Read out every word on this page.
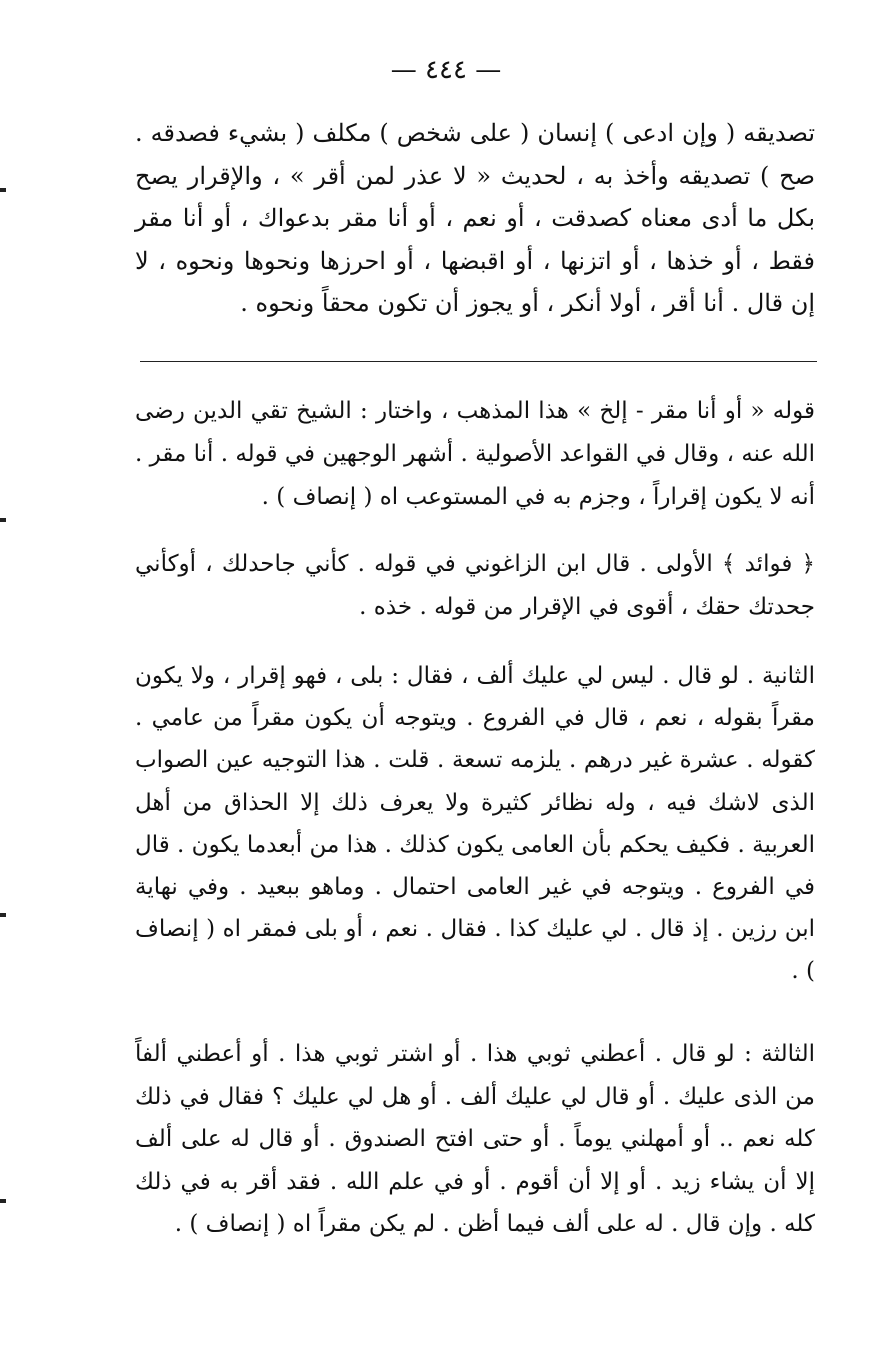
— ٤٤٤ —

تصديقه ( وإن ادعى ) إنسان ( على شخص ) مكلف ( بشيء فصدقه . صح ) تصديقه وأخذ به ، لحديث « لا عذر لمن أقر » ، والإقرار يصح بكل ما أدى معناه كصدقت ، أو نعم ، أو أنا مقر بدعواك ، أو أنا مقر فقط ، أو خذها ، أو اتزنها ، أو اقبضها ، أو احرزها ونحوها ونحوه ، لا إن قال . أنا أقر ، أولا أنكر ، أو يجوز أن تكون محقاً ونحوه .

قوله « أو أنا مقر - إلخ » هذا المذهب ، واختار : الشيخ تقي الدين رضى الله عنه ، وقال في القواعد الأصولية . أشهر الوجهين في قوله . أنا مقر . أنه لا يكون إقراراً ، وجزم به في المستوعب اه ( إنصاف ) .

﴿ فوائد ﴾ الأولى . قال ابن الزاغوني في قوله . كأني جاحدلك ، أوكأني جحدتك حقك ، أقوى في الإقرار من قوله . خذه .

الثانية . لو قال . ليس لي عليك ألف ، فقال : بلى ، فهو إقرار ، ولا يكون مقراً بقوله ، نعم ، قال في الفروع . ويتوجه أن يكون مقراً من عامي . كقوله . عشرة غير درهم . يلزمه تسعة . قلت . هذا التوجيه عين الصواب الذى لاشك فيه ، وله نظائر كثيرة ولا يعرف ذلك إلا الحذاق من أهل العربية . فكيف يحكم بأن العامى يكون كذلك . هذا من أبعدما يكون . قال في الفروع . ويتوجه في غير العامى احتمال . وماهو ببعيد . وفي نهاية ابن رزين . إذ قال . لي عليك كذا . فقال . نعم ، أو بلى فمقر اه ( إنصاف ) .

الثالثة : لو قال . أعطني ثوبي هذا . أو اشتر ثوبي هذا . أو أعطني ألفاً من الذى عليك . أو قال لي عليك ألف . أو هل لي عليك ؟ فقال في ذلك كله نعم .. أو أمهلني يوماً . أو حتى افتح الصندوق . أو قال له على ألف إلا أن يشاء زيد . أو إلا أن أقوم . أو في علم الله . فقد أقر به في ذلك كله . وإن قال . له على ألف فيما أظن . لم يكن مقراً اه ( إنصاف ) .
